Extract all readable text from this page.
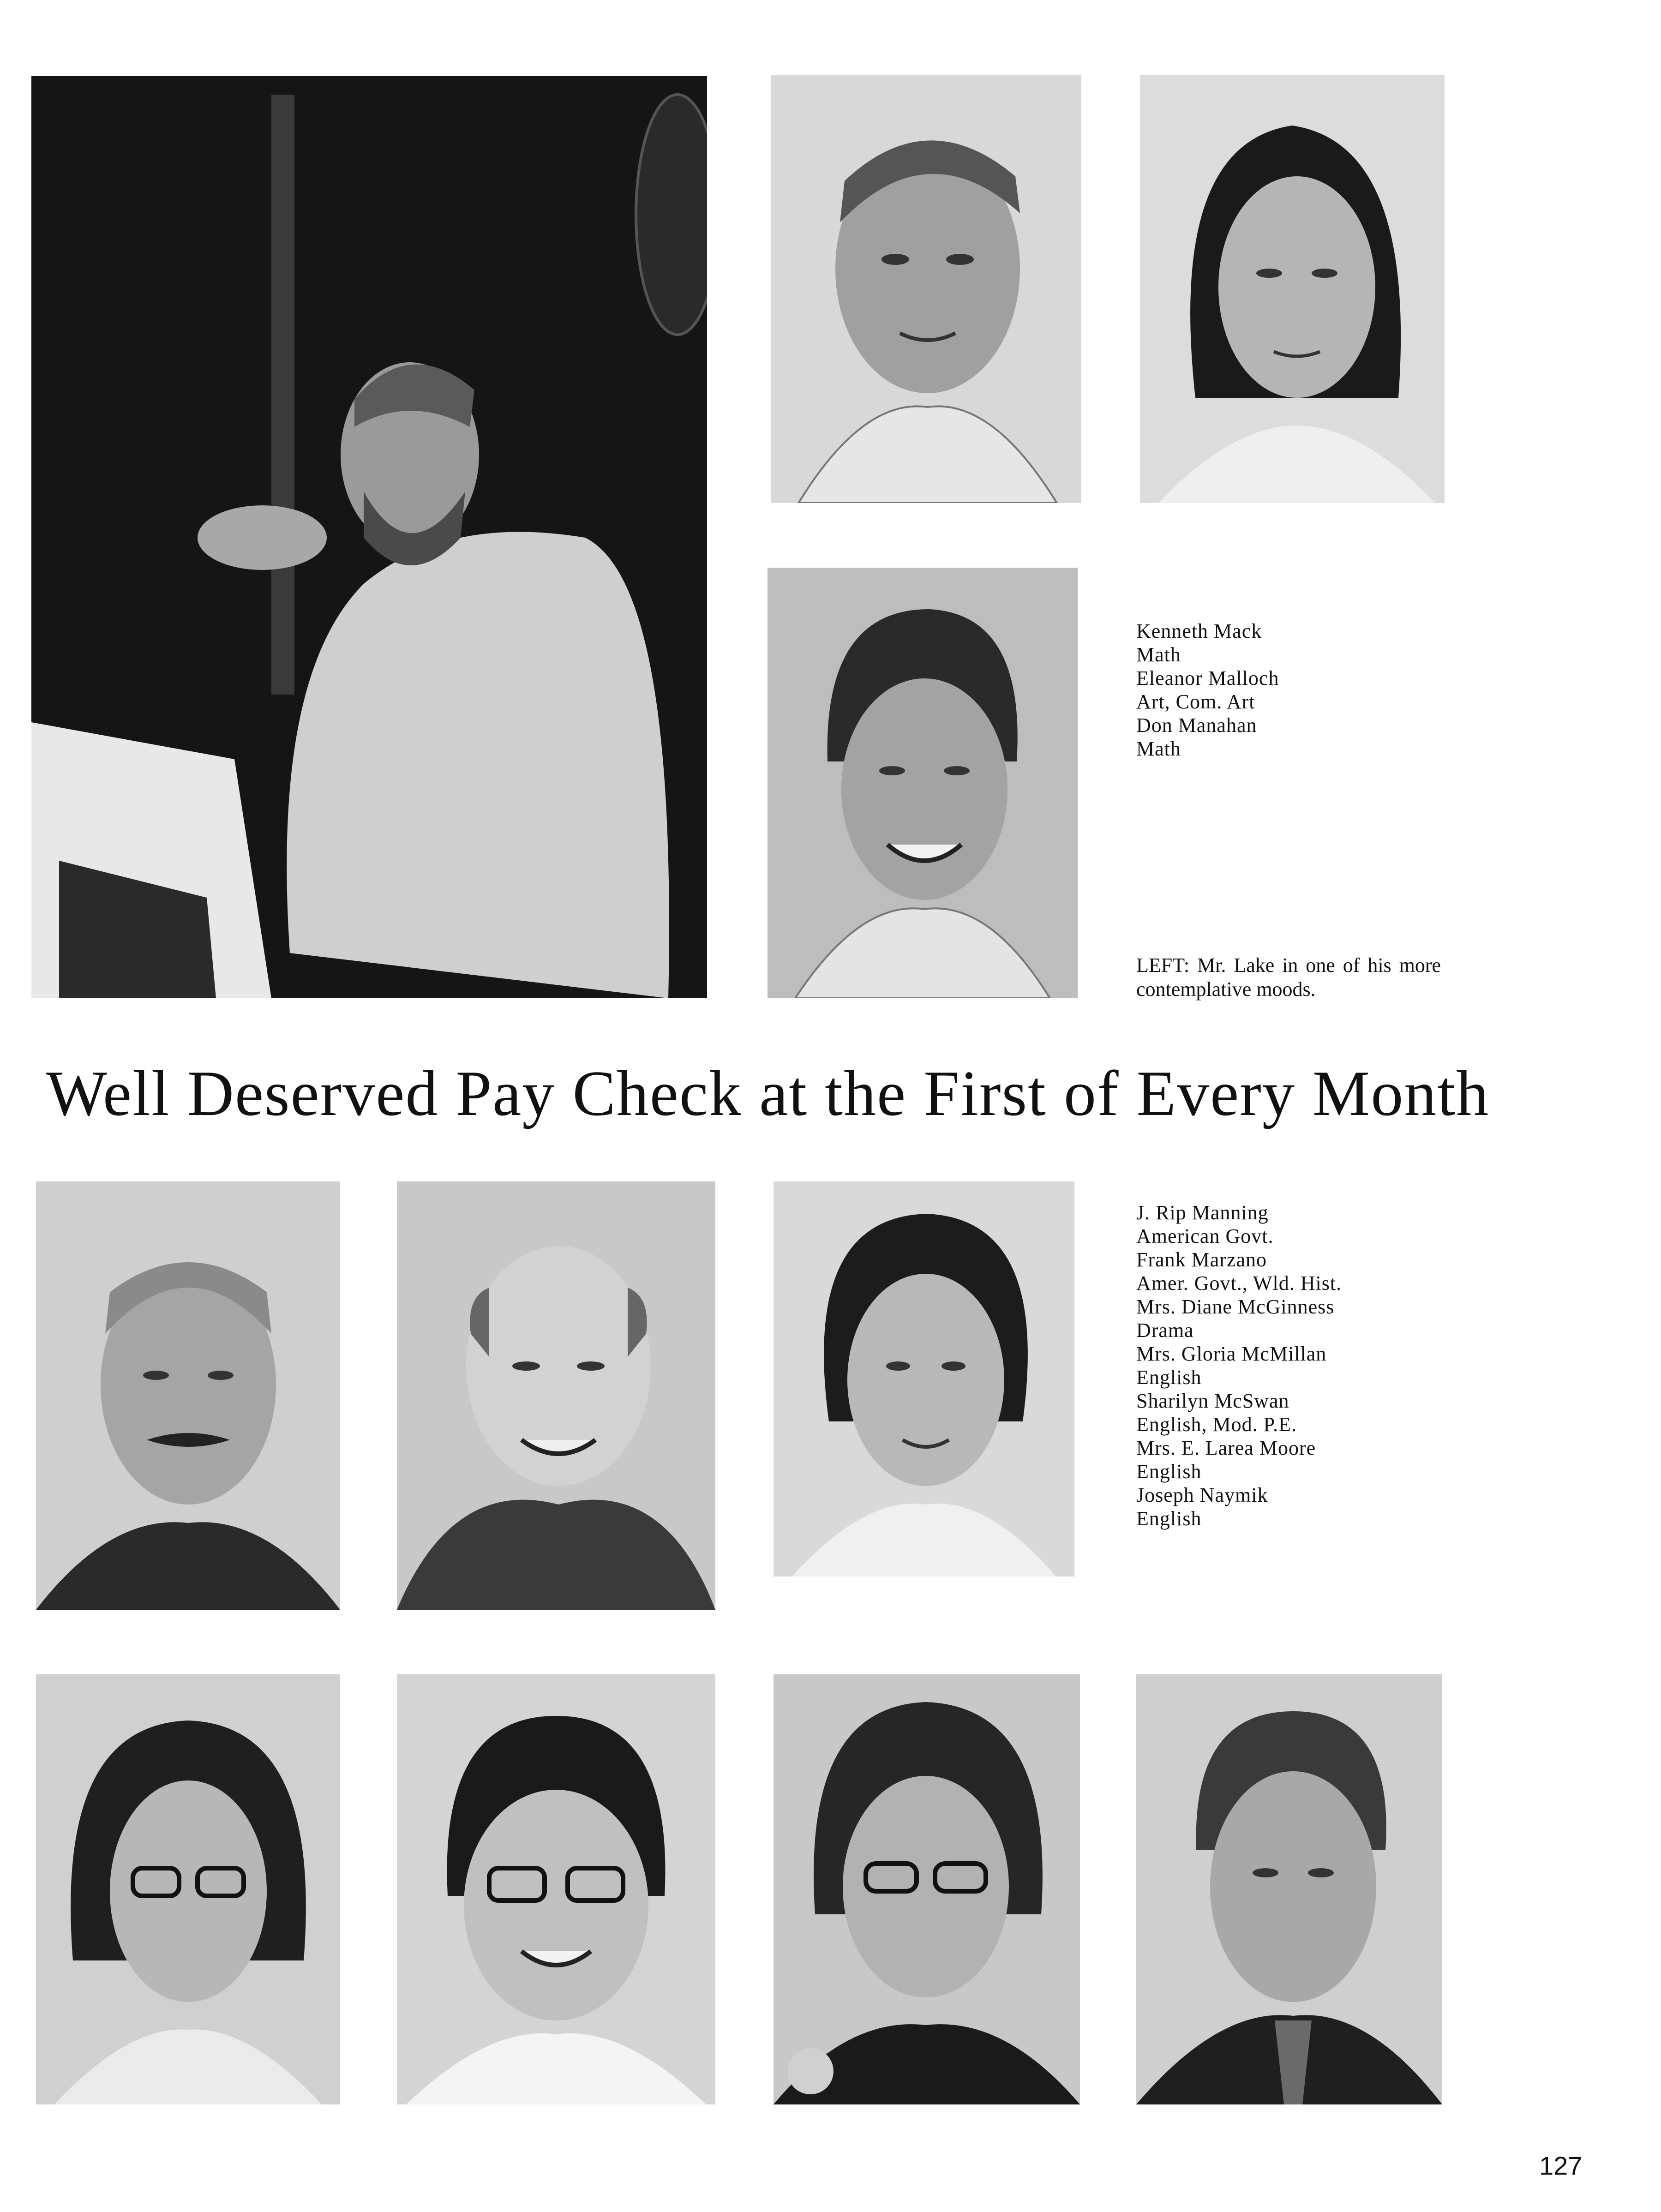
Kenneth Mack
Math
Eleanor Malloch
Art, Com. Art
Don Manahan
Math
LEFT: Mr. Lake in one of his more contemplative moods.
Well Deserved Pay Check at the First of Every Month
J. Rip Manning
American Govt.
Frank Marzano
Amer. Govt., Wld. Hist.
Mrs. Diane McGinness
Drama
Mrs. Gloria McMillan
English
Sharilyn McSwan
English, Mod. P.E.
Mrs. E. Larea Moore
English
Joseph Naymik
English
127
